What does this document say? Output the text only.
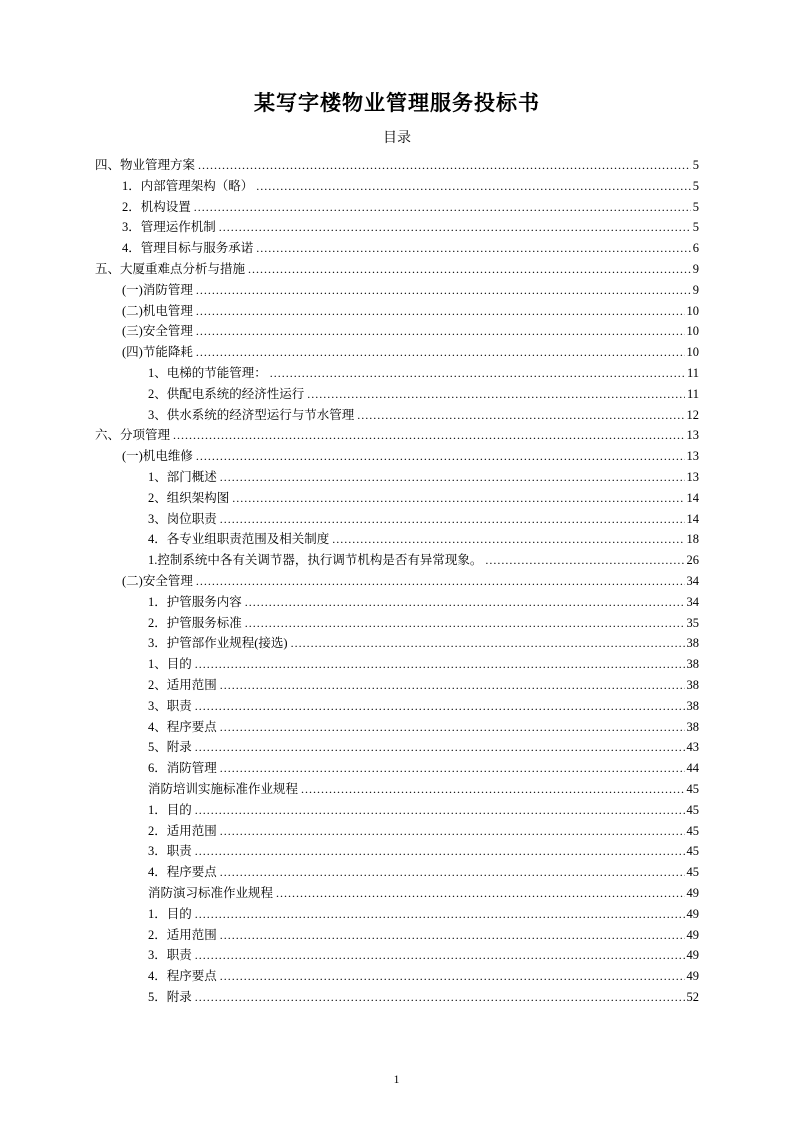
某写字楼物业管理服务投标书
目录
四、物业管理方案 .....	5
1．内部管理架构（略） .....	5
2．机构设置 .....	5
3．管理运作机制 .....	5
4．管理目标与服务承诺 .....	6
五、大厦重难点分析与措施 .....	9
(一)消防管理 .....	9
(二)机电管理 .....	10
(三)安全管理 .....	10
(四)节能降耗 .....	10
1、电梯的节能管理： .....	11
2、供配电系统的经济性运行 .....	11
3、供水系统的经济型运行与节水管理 .....	12
六、分项管理 .....	13
(一)机电维修 .....	13
1、部门概述 .....	13
2、组织架构图 .....	14
3、岗位职责 .....	14
4．各专业组职责范围及相关制度 .....	18
1.控制系统中各有关调节器，执行调节机构是否有异常现象。 .....	26
(二)安全管理 .....	34
1．护管服务内容 .....	34
2．护管服务标准 .....	35
3．护管部作业规程(接选) .....	38
1、目的 .....	38
2、适用范围 .....	38
3、职责 .....	38
4、程序要点 .....	38
5、附录 .....	43
6．消防管理 .....	44
消防培训实施标准作业规程 .....	45
1．目的 .....	45
2．适用范围 .....	45
3．职责 .....	45
4．程序要点 .....	45
消防演习标准作业规程 .....	49
1．目的 .....	49
2．适用范围 .....	49
3．职责 .....	49
4．程序要点 .....	49
5．附录 .....	52
1
